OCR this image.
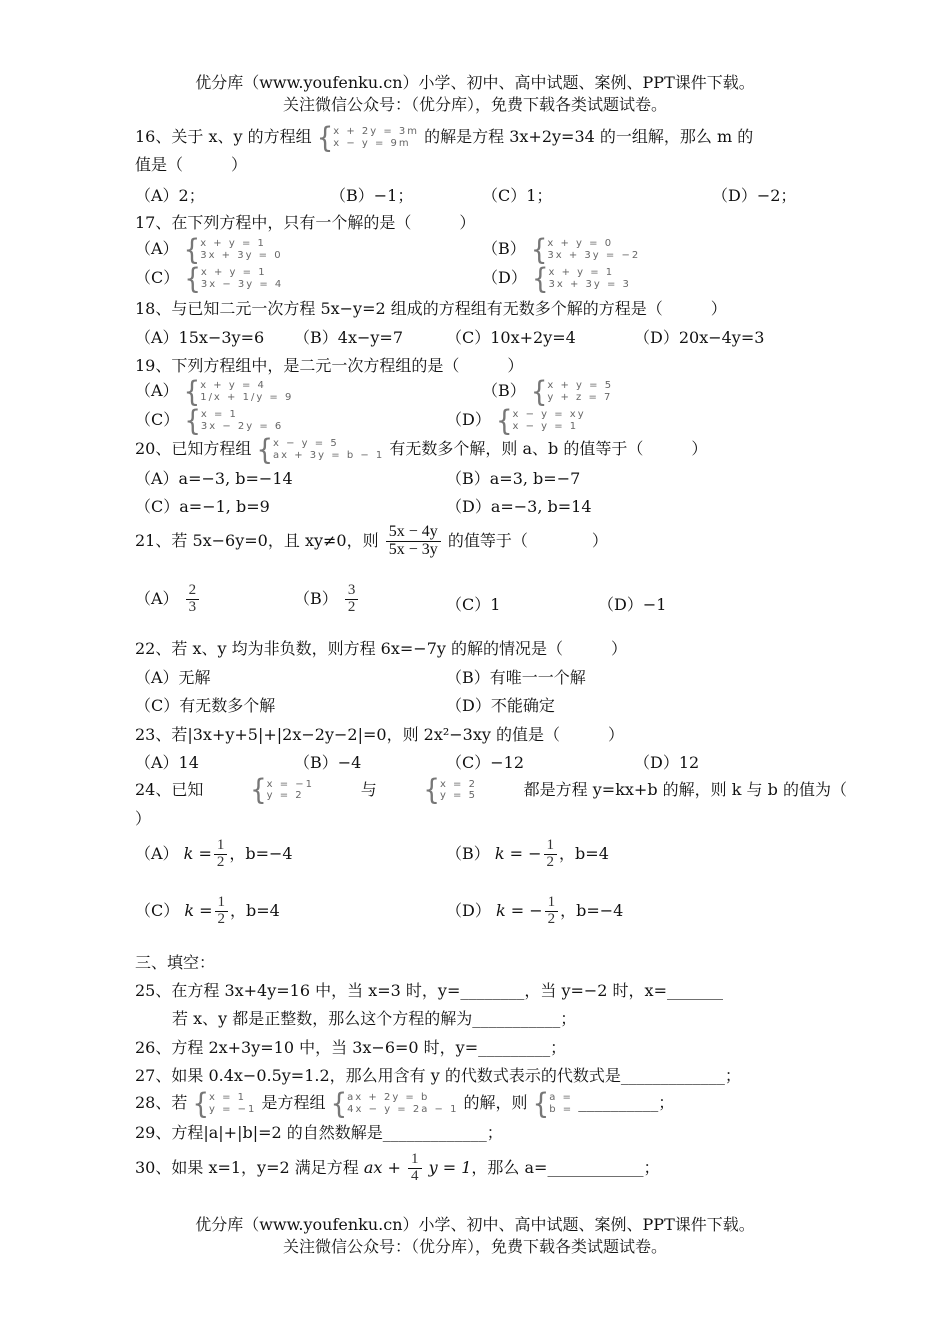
优分库（www.youfenku.cn）小学、初中、高中试题、案例、PPT课件下载。
关注微信公众号：（优分库），免费下载各类试题试卷。
16、关于 x、y 的方程组 { x + 2y = 3m
x − y = 9m 的解是方程 3x+2y=34 的一组解，那么 m 的
值是（　　　）
（A）2；	（B）−1；	（C）1；	（D）−2；
17、在下列方程中，只有一个解的是（　　　）
（A） { x + y = 1
3x + 3y = 0	（B） { x + y = 0
3x + 3y = −2
（C） { x + y = 1
3x − 3y = 4	（D） { x + y = 1
3x + 3y = 3
18、与已知二元一次方程 5x−y=2 组成的方程组有无数多个解的方程是（　　　）
（A）15x−3y=6 （B）4x−y=7	（C）10x+2y=4	（D）20x−4y=3
19、下列方程组中，是二元一次方程组的是（　　　）
（A） { x + y = 4
1/x + 1/y = 9	（B） { x + y = 5
y + z = 7
（C） { x = 1
3x − 2y = 6	（D） { x − y = xy
x − y = 1
20、已知方程组 { x − y = 5
ax + 3y = b − 1 有无数多个解，则 a、b 的值等于（　　　）
（A）a=−3, b=−14	（B）a=3, b=−7
（C）a=−1, b=9	（D）a=−3, b=14
21、若 5x−6y=0，且 xy≠0，则 $\frac{5x - 4y}{5x - 3y}$ 的值等于（　　　　）
$(A) \frac{2}{3}$	$(B) \frac{3}{2}$	（C）1	（D）−1
22、若 x、y 均为非负数，则方程 6x=−7y 的解的情况是（　　　）
（A）无解	（B）有唯一一个解
（C）有无数多个解	（D）不能确定
23、若|3x+y+5|+|2x−2y−2|=0，则 2x²−3xy 的值是（　　　）
（A）14	（B）−4	（C）−12	（D）12
24、已知 { x = −1
y = 2	与 { x = 2
y = 5	都是方程 y=kx+b 的解，则 k 与 b 的值为（
）
（A） $k = \frac{1}{2}$ ，b=−4	（B） k = − $\frac{1}{2}$ ，b=4
（C） $k = \frac{1}{2}$ ，b=4	（D） k = − $\frac{1}{2}$ ，b=−4
三、填空：
25、在方程 3x+4y=16 中，当 x=3 时，y=________，当 y=−2 时，x=_______
若 x、y 都是正整数，那么这个方程的解为___________；
26、方程 2x+3y=10 中，当 3x−6=0 时，y=_________；
27、如果 0.4x−0.5y=1.2，那么用含有 y 的代数式表示的代数式是_____________；
28、若 { x = 1
y = −1 是方程组 { ax + 2y = b
4x − y = 2a − 1 的解，则 { a =
b = __________；
29、方程|a|+|b|=2 的自然数解是_____________；
30、如果 x=1，y=2 满足方程 ax + $\frac{1}{4}$ y = 1，那么 a=____________；
优分库（www.youfenku.cn）小学、初中、高中试题、案例、PPT课件下载。
关注微信公众号：（优分库），免费下载各类试题试卷。
